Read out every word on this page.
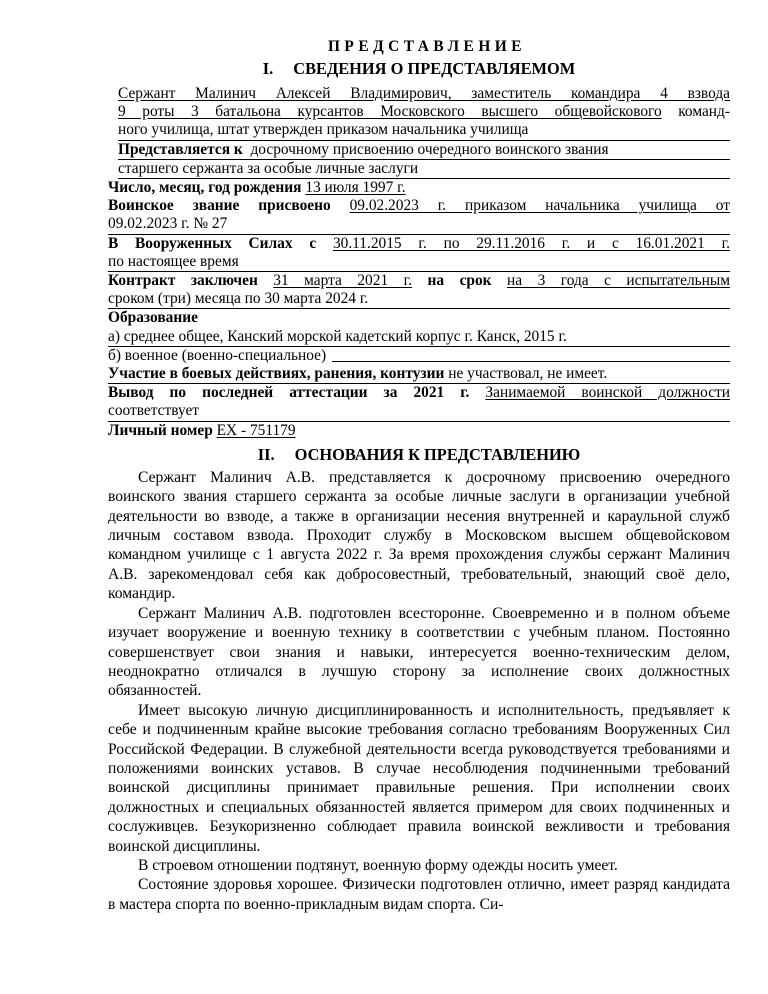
ПРЕДСТАВЛЕНИЕ
I. СВЕДЕНИЯ О ПРЕДСТАВЛЯЕМОМ
Сержант Малинич Алексей Владимирович, заместитель командира 4 взвода
9 роты 3 батальона курсантов Московского высшего общевойскового команд-
ного училища, штат утвержден приказом начальника училища
Представляется к досрочному присвоению очередного воинского звания
старшего сержанта за особые личные заслуги
Число, месяц, год рождения 13 июля 1997 г.
Воинское звание присвоено 09.02.2023 г. приказом начальника училища от
09.02.2023 г. № 27
В Вооруженных Силах с 30.11.2015 г. по 29.11.2016 г. и с 16.01.2021 г.
по настоящее время
Контракт заключен 31 марта 2021 г. на срок на 3 года с испытательным
сроком (три) месяца по 30 марта 2024 г.
Образование
а) среднее общее, Канский морской кадетский корпус г. Канск, 2015 г.
б) военное (военно-специальное)
Участие в боевых действиях, ранения, контузии не участвовал, не имеет.
Вывод по последней аттестации за 2021 г. Занимаемой воинской должности
соответствует
Личный номер ЕХ - 751179
II. ОСНОВАНИЯ К ПРЕДСТАВЛЕНИЮ

Сержант Малинич А.В. представляется к досрочному присвоению очередного воинского звания старшего сержанта за особые личные заслуги в организации учебной деятельности во взводе, а также в организации несения внутренней и караульной служб личным составом взвода. Проходит службу в Московском высшем общевойсковом командном училище с 1 августа 2022 г. За время прохождения службы сержант Малинич А.В. зарекомендовал себя как добросовестный, требовательный, знающий своё дело, командир.

Сержант Малинич А.В. подготовлен всесторонне. Своевременно и в полном объеме изучает вооружение и военную технику в соответствии с учебным планом. Постоянно совершенствует свои знания и навыки, интересуется военно-техническим делом, неоднократно отличался в лучшую сторону за исполнение своих должностных обязанностей.

Имеет высокую личную дисциплинированность и исполнительность, предъявляет к себе и подчиненным крайне высокие требования согласно требованиям Вооруженных Сил Российской Федерации. В служебной деятельности всегда руководствуется требованиями и положениями воинских уставов. В случае несоблюдения подчиненными требований воинской дисциплины принимает правильные решения. При исполнении своих должностных и специальных обязанностей является примером для своих подчиненных и сослуживцев. Безукоризненно соблюдает правила воинской вежливости и требования воинской дисциплины.

В строевом отношении подтянут, военную форму одежды носить умеет.

Состояние здоровья хорошее. Физически подготовлен отлично, имеет разряд кандидата в мастера спорта по военно-прикладным видам спорта. Си-
